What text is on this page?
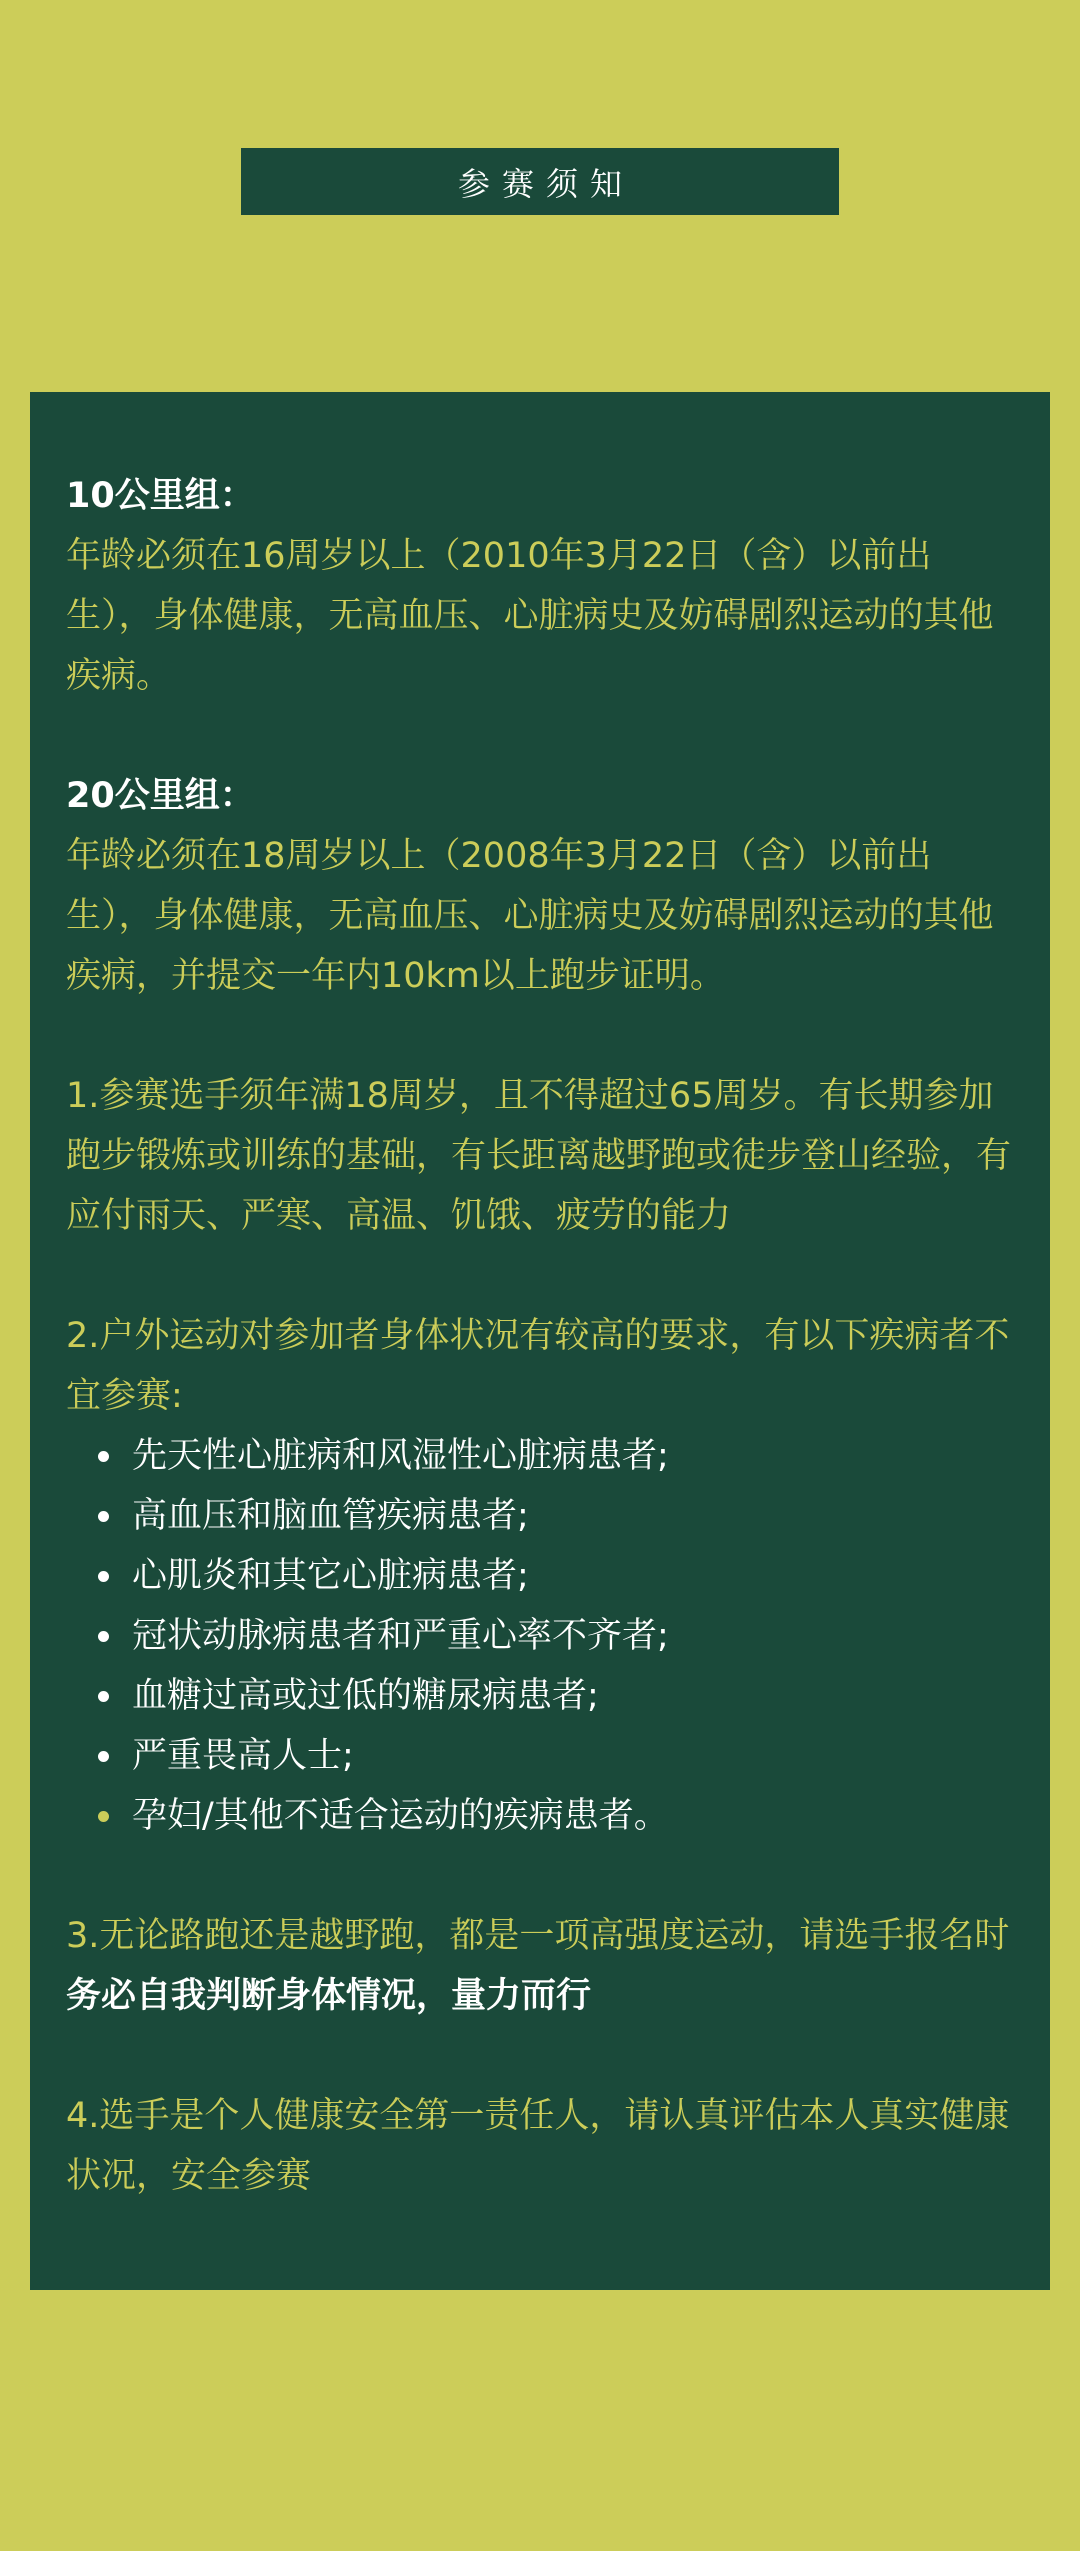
参赛须知
10公里组：

年龄必须在16周岁以上（2010年3月22日（含）以前出生），身体健康，无高血压、心脏病史及妨碍剧烈运动的其他疾病。

20公里组：

年龄必须在18周岁以上（2008年3月22日（含）以前出生），身体健康，无高血压、心脏病史及妨碍剧烈运动的其他疾病，并提交一年内10km以上跑步证明。

1.参赛选手须年满18周岁，且不得超过65周岁。有长期参加跑步锻炼或训练的基础，有长距离越野跑或徒步登山经验，有应付雨天、严寒、高温、饥饿、疲劳的能力

2.户外运动对参加者身体状况有较高的要求，有以下疾病者不宜参赛:

先天性心脏病和风湿性心脏病患者;
高血压和脑血管疾病患者;
心肌炎和其它心脏病患者;
冠状动脉病患者和严重心率不齐者;
血糖过高或过低的糖尿病患者;
严重畏高人士;
孕妇/其他不适合运动的疾病患者。

3.无论路跑还是越野跑，都是一项高强度运动，请选手报名时务必自我判断身体情况，量力而行

4.选手是个人健康安全第一责任人，请认真评估本人真实健康状况，安全参赛
